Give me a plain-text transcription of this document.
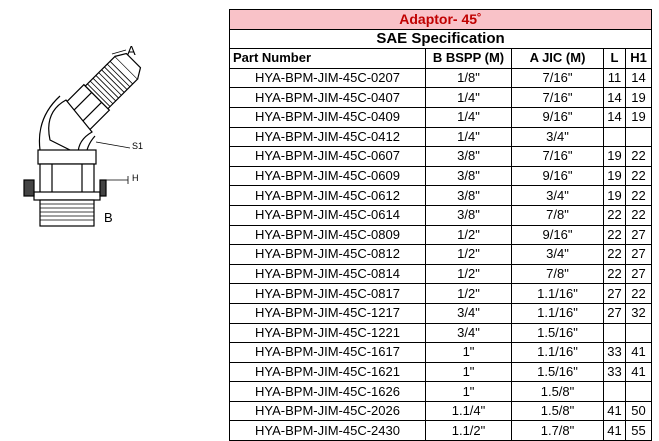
A
B
S1
H
Adaptor- 45˚				
SAE Specification				
Part Number	B BSPP (M)	A JIC (M)	L	H1
HYA-BPM-JIM-45C-0207	1/8"	7/16"	11	14
HYA-BPM-JIM-45C-0407	1/4"	7/16"	14	19
HYA-BPM-JIM-45C-0409	1/4"	9/16"	14	19
HYA-BPM-JIM-45C-0412	1/4"	3/4"		
HYA-BPM-JIM-45C-0607	3/8"	7/16"	19	22
HYA-BPM-JIM-45C-0609	3/8"	9/16"	19	22
HYA-BPM-JIM-45C-0612	3/8"	3/4"	19	22
HYA-BPM-JIM-45C-0614	3/8"	7/8"	22	22
HYA-BPM-JIM-45C-0809	1/2"	9/16"	22	27
HYA-BPM-JIM-45C-0812	1/2"	3/4"	22	27
HYA-BPM-JIM-45C-0814	1/2"	7/8"	22	27
HYA-BPM-JIM-45C-0817	1/2"	1.1/16"	27	22
HYA-BPM-JIM-45C-1217	3/4"	1.1/16"	27	32
HYA-BPM-JIM-45C-1221	3/4"	1.5/16"		
HYA-BPM-JIM-45C-1617	1"	1.1/16"	33	41
HYA-BPM-JIM-45C-1621	1"	1.5/16"	33	41
HYA-BPM-JIM-45C-1626	1"	1.5/8"		
HYA-BPM-JIM-45C-2026	1.1/4"	1.5/8"	41	50
HYA-BPM-JIM-45C-2430	1.1/2"	1.7/8"	41	55
